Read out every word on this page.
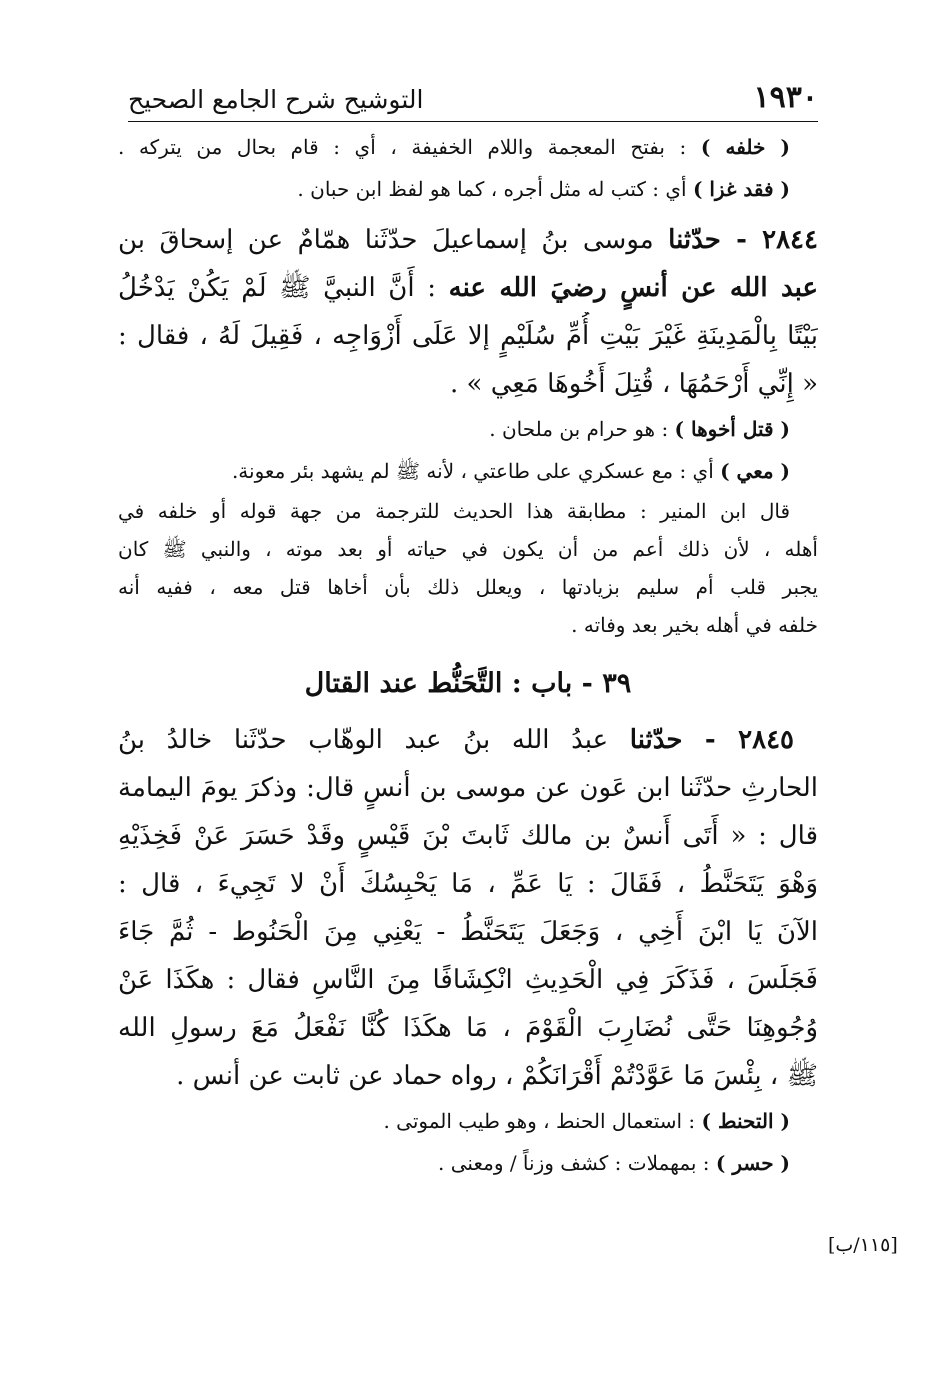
١٩٣٠
التوشيح شرح الجامع الصحيح
( خلفه ) : بفتح المعجمة واللام الخفيفة ، أي : قام بحال من يتركه .
( فقد غزا ) أي : كتب له مثل أجره ، كما هو لفظ ابن حبان .
٢٨٤٤ - حدّثنا موسى بنُ إسماعيلَ حدّثَنا همّامٌ عن إسحاقَ بن
عبد الله عن أنسٍ رضيَ الله عنه : أَنَّ النبيَّ ﷺ لَمْ يَكُنْ يَدْخُلُ
بَيْتًا بِالْمَدِينَةِ غَيْرَ بَيْتِ أُمِّ سُلَيْمٍ إلا عَلَى أَزْوَاجِه ، فَقِيلَ لَهُ ، فقال :
« إِنِّي أَرْحَمُهَا ، قُتِلَ أَخُوهَا مَعِي » .
( قتل أخوها ) : هو حرام بن ملحان .
( معي ) أي : مع عسكري على طاعتي ، لأنه ﷺ لم يشهد بئر معونة.
قال ابن المنير : مطابقة هذا الحديث للترجمة من جهة قوله أو خلفه في
أهله ، لأن ذلك أعم من أن يكون في حياته أو بعد موته ، والنبي ﷺ كان
يجبر قلب أم سليم بزيادتها ، ويعلل ذلك بأن أخاها قتل معه ، ففيه أنه
خلفه في أهله بخير بعد وفاته .
٣٩ - باب : التَّحَنُّط عند القتال
٢٨٤٥ - حدّثنا عبدُ الله بنُ عبد الوهّاب حدّثَنا خالدُ بنُ
الحارثِ حدّثَنا ابن عَون عن موسى بن أنسٍ قال: وذكرَ يومَ اليمامة
قال : « أَتَى أَنسٌ بن مالك ثَابتَ بْنَ قَيْسٍ وقَدْ حَسَرَ عَنْ فَخِذَيْهِ
وَهْوَ يَتَحَنَّطُ ، فَقَالَ : يَا عَمِّ ، مَا يَحْبِسُكَ أَنْ لا تَجِيءَ ، قال :
الآنَ يَا ابْنَ أَخِي ، وَجَعَلَ يَتَحَنَّطُ - يَعْنِي مِنَ الْحَنُوط - ثُمَّ جَاءَ
فَجَلَسَ ، فَذَكَرَ فِي الْحَدِيثِ انْكِشَافًا مِنَ النَّاسِ فقال : هكَذَا عَنْ
وُجُوهِنَا حَتَّى نُضَارِبَ الْقَوْمَ ، مَا هكَذَا كُنَّا نَفْعَلُ مَعَ رسولِ الله
ﷺ ، بِئْسَ مَا عَوَّدْتُمْ أَقْرَانَكُمْ ، رواه حماد عن ثابت عن أنس .
( التحنط ) : استعمال الحنط ، وهو طيب الموتى .
( حسر ) : بمهملات : كشف وزناً / ومعنى .
[١١٥/ب]
